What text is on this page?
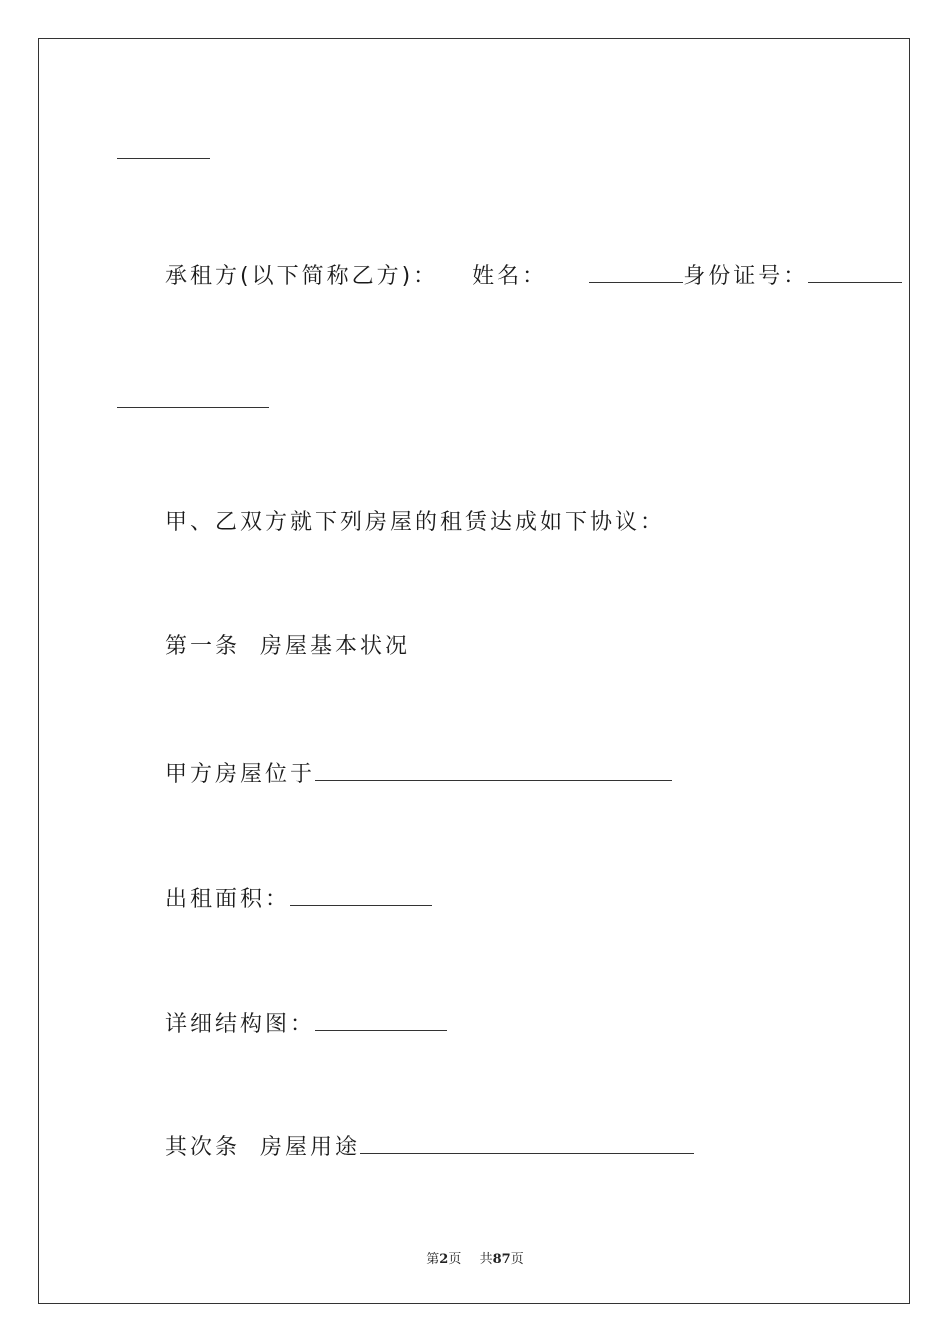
承租方(以下简称乙方)： 姓名：	身份证号：
甲、乙双方就下列房屋的租赁达成如下协议：
第一条  房屋基本状况
甲方房屋位于
出租面积：
详细结构图：
其次条  房屋用途
第2页 共87页
